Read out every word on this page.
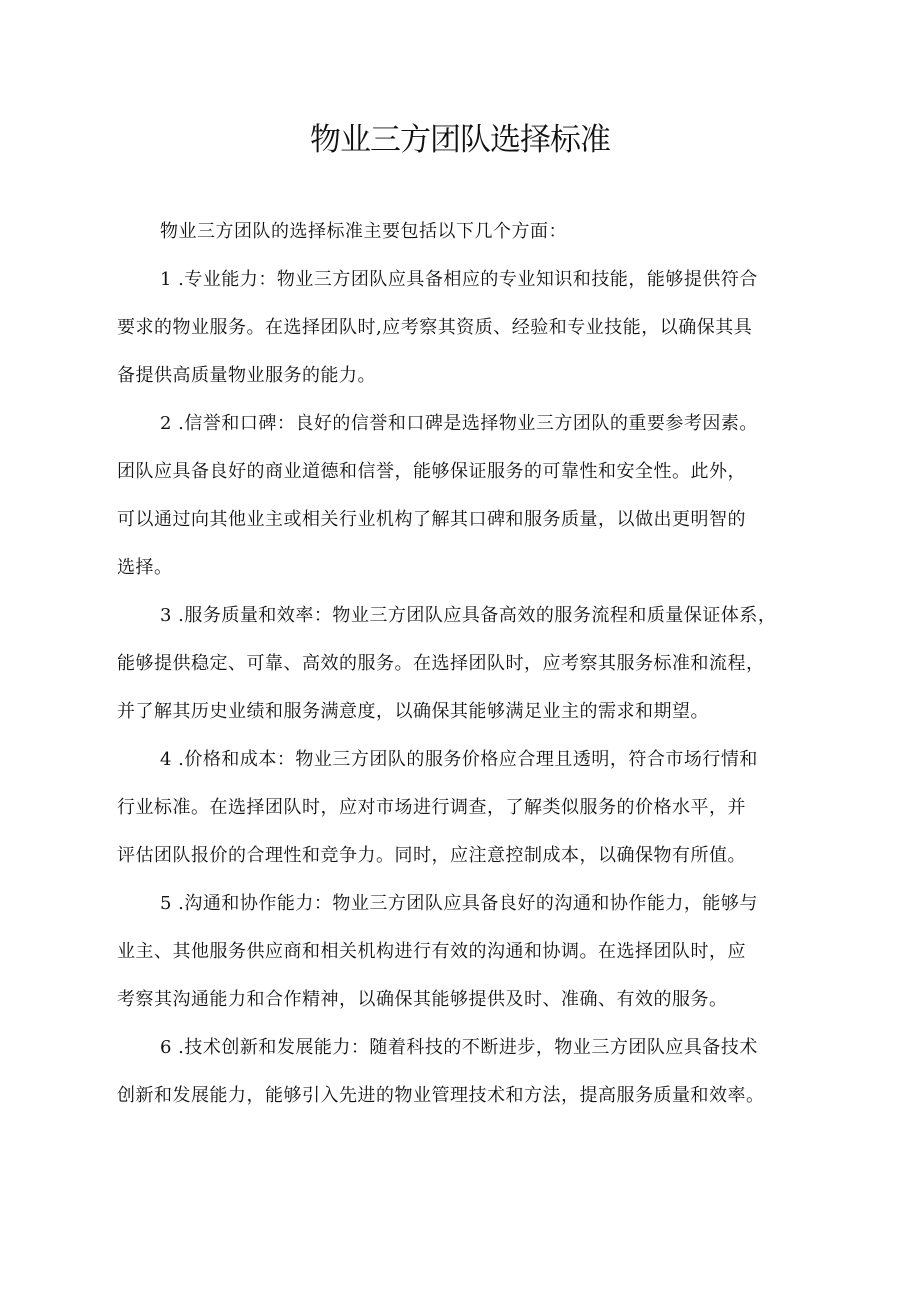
物业三方团队选择标准

物业三方团队的选择标准主要包括以下几个方面：

1 .专业能力：物业三方团队应具备相应的专业知识和技能，能够提供符合
要求的物业服务。在选择团队时,应考察其资质、经验和专业技能，以确保其具
备提供高质量物业服务的能力。
2 .信誉和口碑：良好的信誉和口碑是选择物业三方团队的重要参考因素。
团队应具备良好的商业道德和信誉，能够保证服务的可靠性和安全性。此外，
可以通过向其他业主或相关行业机构了解其口碑和服务质量，以做出更明智的
选择。
3 .服务质量和效率：物业三方团队应具备高效的服务流程和质量保证体系，
能够提供稳定、可靠、高效的服务。在选择团队时，应考察其服务标准和流程，
并了解其历史业绩和服务满意度，以确保其能够满足业主的需求和期望。
4 .价格和成本：物业三方团队的服务价格应合理且透明，符合市场行情和
行业标准。在选择团队时，应对市场进行调查，了解类似服务的价格水平，并
评估团队报价的合理性和竞争力。同时，应注意控制成本，以确保物有所值。
5 .沟通和协作能力：物业三方团队应具备良好的沟通和协作能力，能够与
业主、其他服务供应商和相关机构进行有效的沟通和协调。在选择团队时，应
考察其沟通能力和合作精神，以确保其能够提供及时、准确、有效的服务。
6 .技术创新和发展能力：随着科技的不断进步，物业三方团队应具备技术
创新和发展能力，能够引入先进的物业管理技术和方法，提高服务质量和效率。
